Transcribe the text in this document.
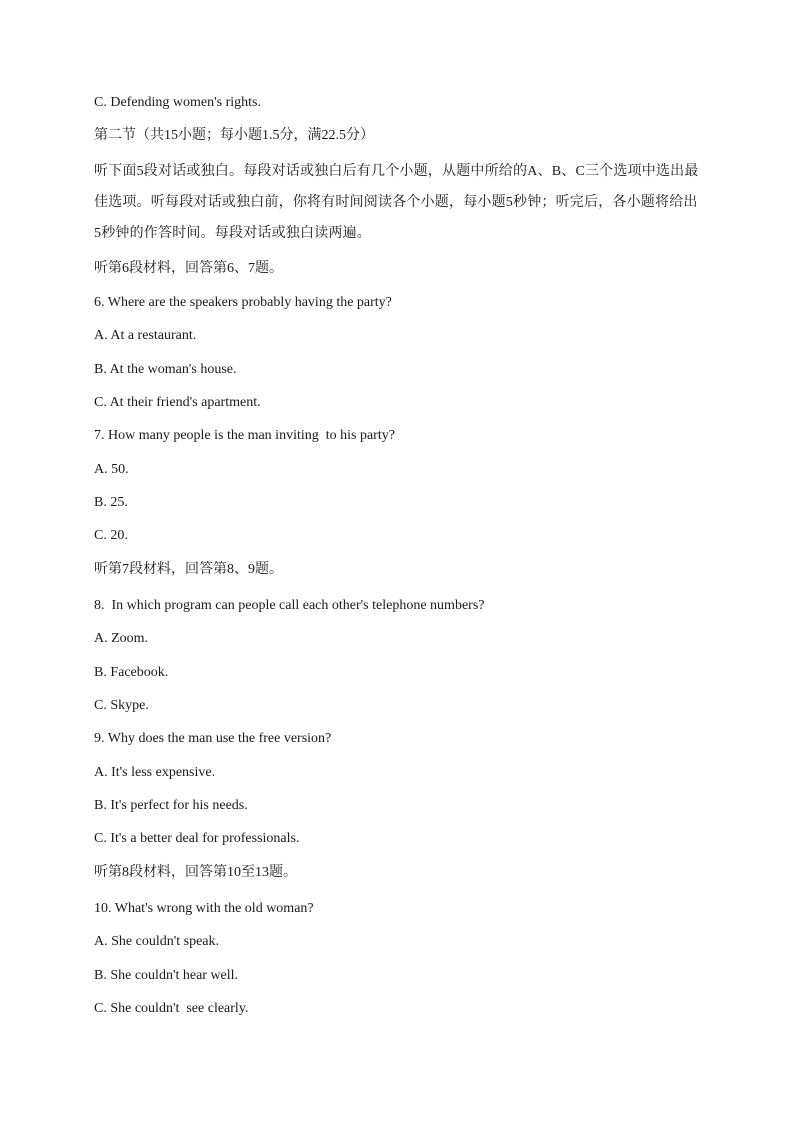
C. Defending women's rights.
第二节（共15小题；每小题1.5分，满22.5分）
听下面5段对话或独白。每段对话或独白后有几个小题，从题中所给的A、B、C三个选项中选出最佳选项。听每段对话或独白前，你将有时间阅读各个小题，每小题5秒钟；听完后，各小题将给出5秒钟的作答时间。每段对话或独白读两遍。
听第6段材料，回答第6、7题。
6. Where are the speakers probably having the party?
A. At a restaurant.
B. At the woman's house.
C. At their friend's apartment.
7. How many people is the man inviting  to his party?
A. 50.
B. 25.
C. 20.
听第7段材料，回答第8、9题。
8.  In which program can people call each other's telephone numbers?
A. Zoom.
B. Facebook.
C. Skype.
9. Why does the man use the free version?
A. It's less expensive.
B. It's perfect for his needs.
C. It's a better deal for professionals.
听第8段材料，回答第10至13题。
10. What's wrong with the old woman?
A. She couldn't speak.
B. She couldn't hear well.
C. She couldn't  see clearly.
